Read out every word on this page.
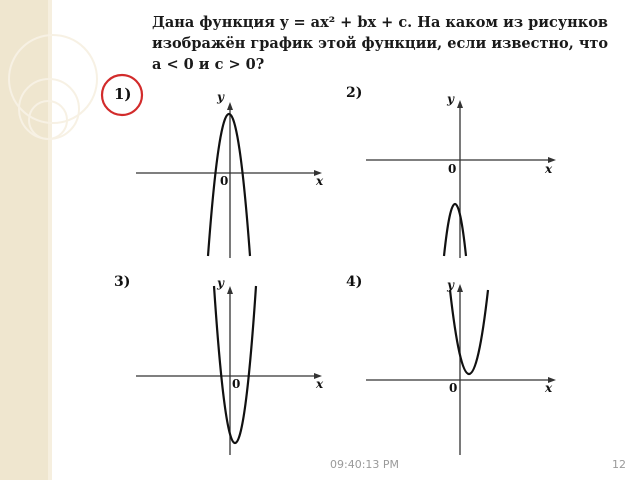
Дана функция y = ax² + bx + c. На каком из рисунков
изображён график этой функции, если известно, что
a < 0 и c > 0?
1)	2)
3)	4)
y
x
0
y
x
0
y
x
0
y
x
0
09:40:13 PM	12
